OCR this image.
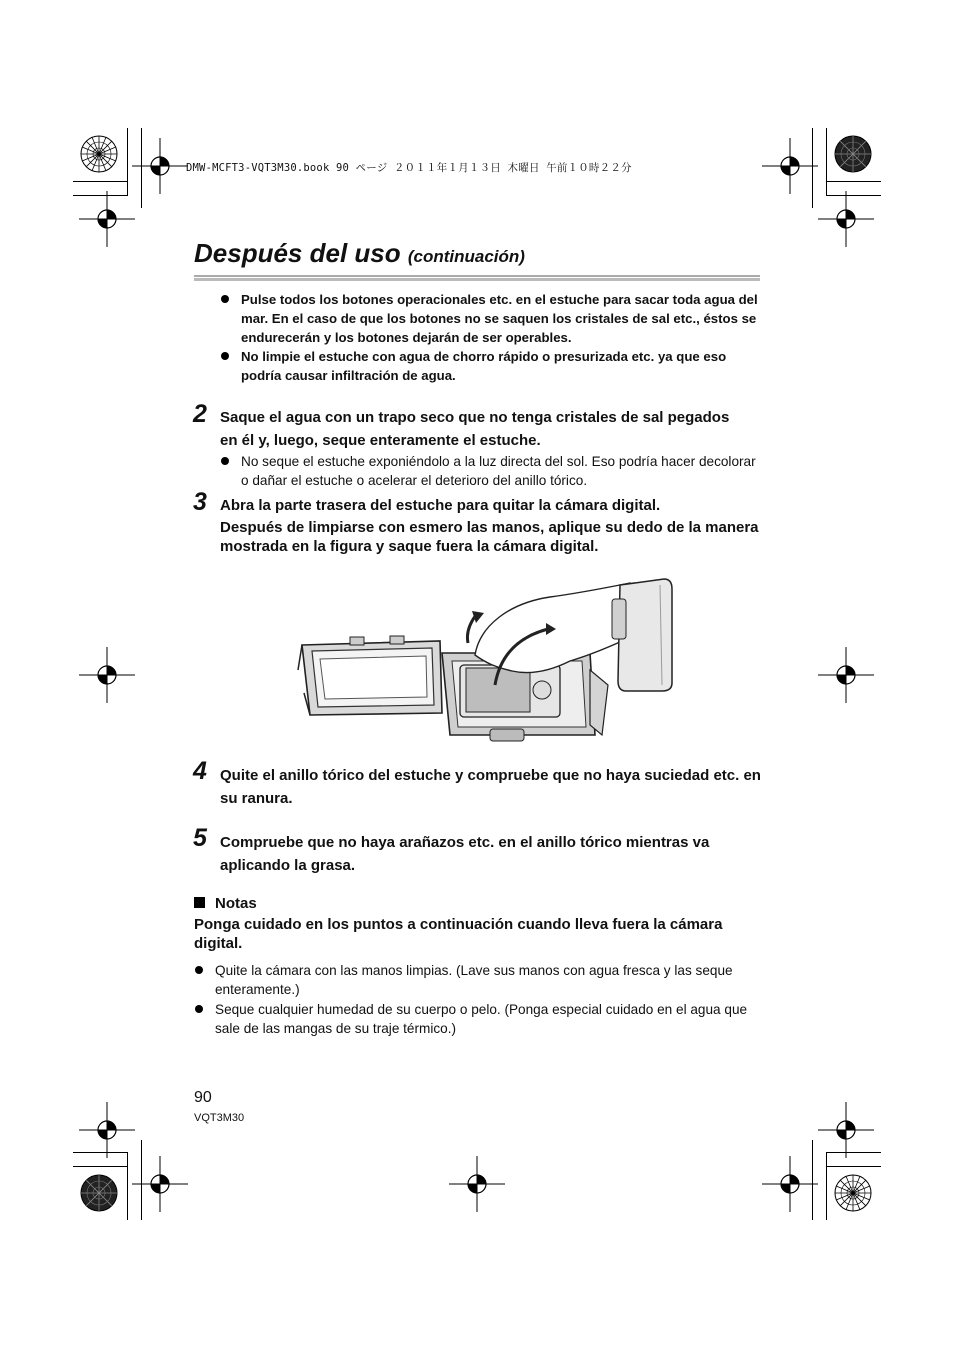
DMW-MCFT3-VQT3M30.book 90 ページ ２０１１年１月１３日 木曜日 午前１０時２２分
Después del uso (continuación)
Pulse todos los botones operacionales etc. en el estuche para sacar toda agua del mar. En el caso de que los botones no se saquen los cristales de sal etc., éstos se endurecerán y los botones dejarán de ser operables.
No limpie el estuche con agua de chorro rápido o presurizada etc. ya que eso podría causar infiltración de agua.
2 Saque el agua con un trapo seco que no tenga cristales de sal pegados en él y, luego, seque enteramente el estuche.
No seque el estuche exponiéndolo a la luz directa del sol. Eso podría hacer decolorar o dañar el estuche o acelerar el deterioro del anillo tórico.
3 Abra la parte trasera del estuche para quitar la cámara digital.
Después de limpiarse con esmero las manos, aplique su dedo de la manera mostrada en la figura y saque fuera la cámara digital.
4 Quite el anillo tórico del estuche y compruebe que no haya suciedad etc. en su ranura.
5 Compruebe que no haya arañazos etc. en el anillo tórico mientras va aplicando la grasa.
Notas
Ponga cuidado en los puntos a continuación cuando lleva fuera la cámara digital.
Quite la cámara con las manos limpias. (Lave sus manos con agua fresca y las seque enteramente.)
Seque cualquier humedad de su cuerpo o pelo. (Ponga especial cuidado en el agua que sale de las mangas de su traje térmico.)
90
VQT3M30
